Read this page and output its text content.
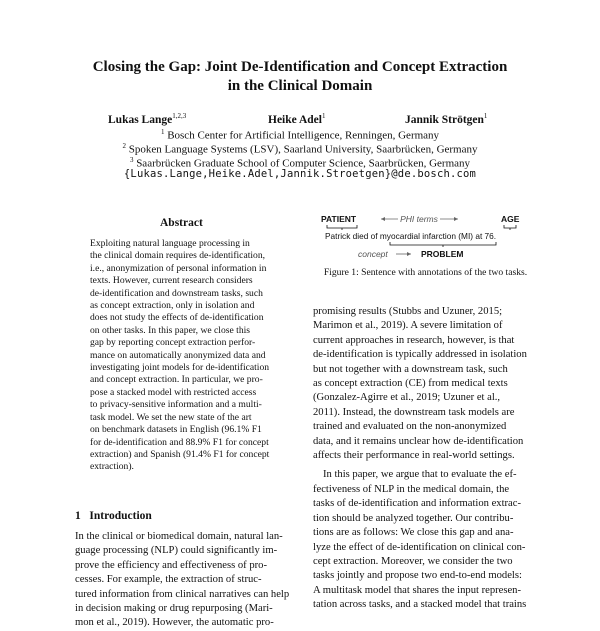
Closing the Gap: Joint De-Identification and Concept Extraction
in the Clinical Domain
Lukas Lange$^{1,2,3}$	Heike Adel$^1$	Jannik Strötgen$^1$
$^1$ Bosch Center for Artificial Intelligence, Renningen, Germany
$^2$ Spoken Language Systems (LSV), Saarland University, Saarbrücken, Germany
$^3$ Saarbrücken Graduate School of Computer Science, Saarbrücken, Germany
{Lukas.Lange,Heike.Adel,Jannik.Stroetgen}@de.bosch.com
Abstract
Exploiting natural language processing in
the clinical domain requires de-identification,
i.e., anonymization of personal information in
texts. However, current research considers
de-identification and downstream tasks, such
as concept extraction, only in isolation and
does not study the effects of de-identification
on other tasks. In this paper, we close this
gap by reporting concept extraction perfor-
mance on automatically anonymized data and
investigating joint models for de-identification
and concept extraction. In particular, we pro-
pose a stacked model with restricted access
to privacy-sensitive information and a multi-
task model. We set the new state of the art
on benchmark datasets in English (96.1% F1
for de-identification and 88.9% F1 for concept
extraction) and Spanish (91.4% F1 for concept
extraction).
PATIENT	PHI terms	AGE
Patrick died of myocardial infarction (MI) at 76.
concept	PROBLEM
Figure 1: Sentence with annotations of the two tasks.
1 Introduction
In the clinical or biomedical domain, natural lan-
guage processing (NLP) could significantly im-
prove the efficiency and effectiveness of pro-
cesses. For example, the extraction of struc-
tured information from clinical narratives can help
in decision making or drug repurposing (Mari-
mon et al., 2019). However, the automatic pro-
promising results (Stubbs and Uzuner, 2015;
Marimon et al., 2019). A severe limitation of
current approaches in research, however, is that
de-identification is typically addressed in isolation
but not together with a downstream task, such
as concept extraction (CE) from medical texts
(Gonzalez-Agirre et al., 2019; Uzuner et al.,
2011). Instead, the downstream task models are
trained and evaluated on the non-anonymized
data, and it remains unclear how de-identification
affects their performance in real-world settings.
In this paper, we argue that to evaluate the ef-
fectiveness of NLP in the medical domain, the
tasks of de-identification and information extrac-
tion should be analyzed together. Our contribu-
tions are as follows: We close this gap and ana-
lyze the effect of de-identification on clinical con-
cept extraction. Moreover, we consider the two
tasks jointly and propose two end-to-end models:
A multitask model that shares the input represen-
tation across tasks, and a stacked model that trains
